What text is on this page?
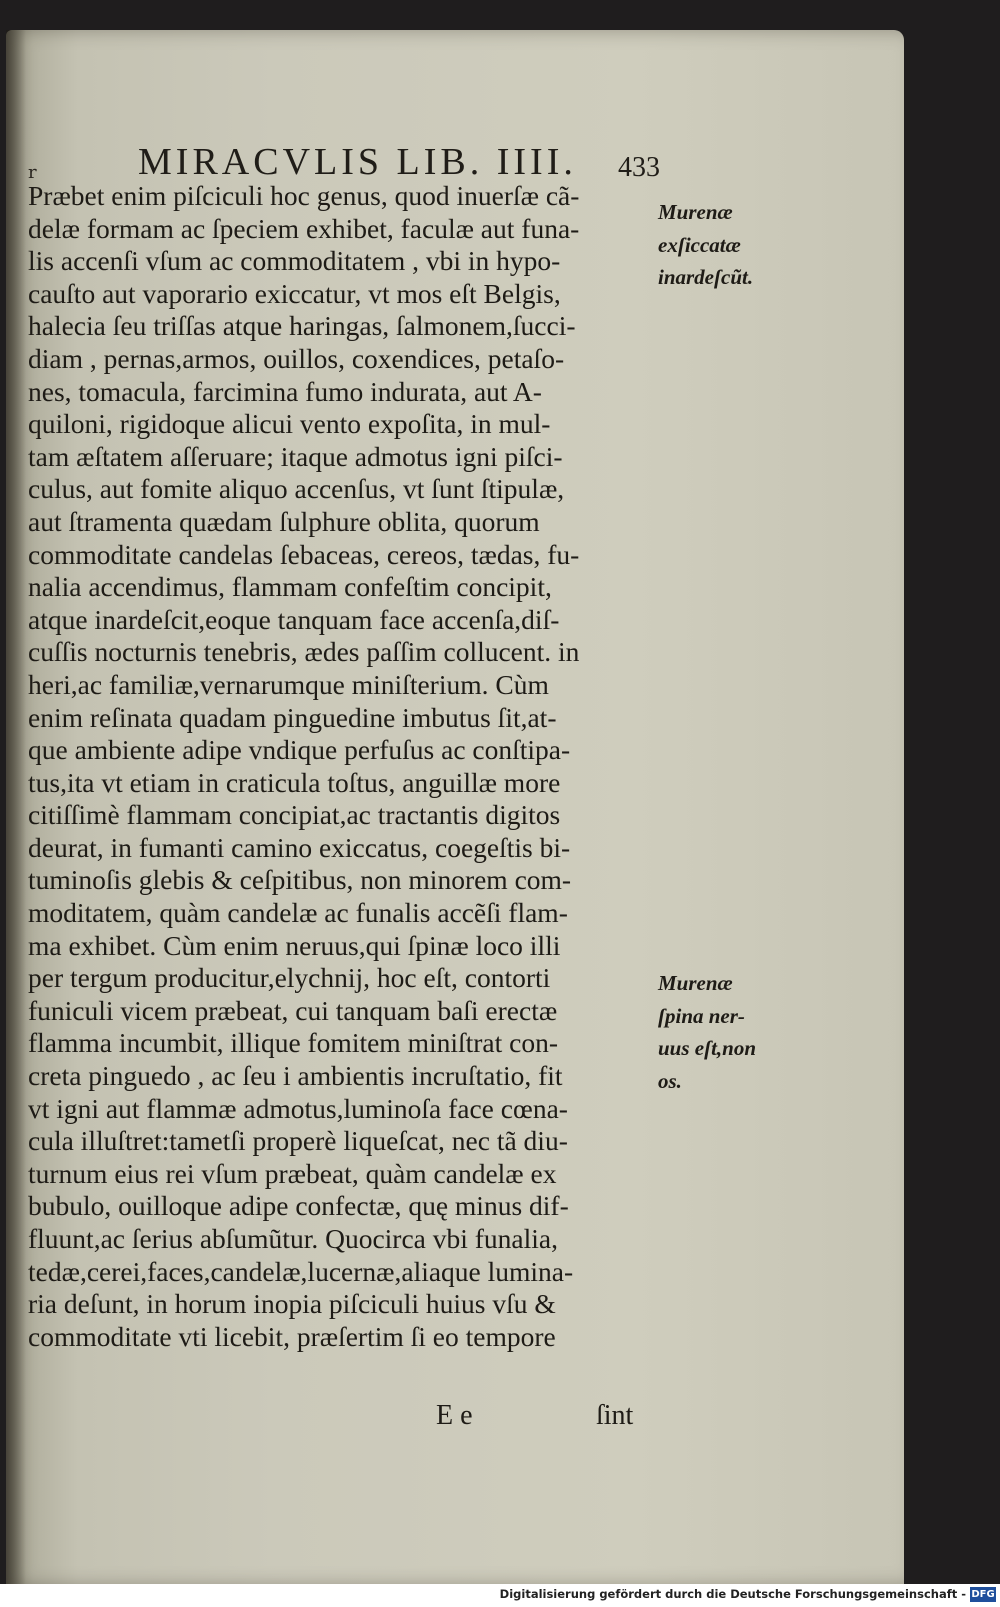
r	MIRACVLIS LIB. IIII. 433
Præbet enim piſciculi hoc genus, quod inuerſæ cã-
delæ formam ac ſpeciem exhibet, faculæ aut funa-
lis accenſi vſum ac commoditatem , vbi in hypo-
cauſto aut vaporario exiccatur, vt mos eſt Belgis,
halecia ſeu triſſas atque haringas, ſalmonem,ſucci-
diam , pernas,armos, ouillos, coxendices, petaſo-
nes, tomacula, farcimina fumo indurata, aut A-
quiloni, rigidoque alicui vento expoſita, in mul-
tam æſtatem aſſeruare; itaque admotus igni piſci-
culus, aut fomite aliquo accenſus, vt ſunt ſtipulæ,
aut ſtramenta quædam ſulphure oblita, quorum
commoditate candelas ſebaceas, cereos, tædas, fu-
nalia accendimus, flammam confeſtim concipit,
atque inardeſcit,eoque tanquam face accenſa,diſ-
cuſſis nocturnis tenebris, ædes paſſim collucent. in
heri,ac familiæ,vernarumque miniſterium. Cùm
enim reſinata quadam pinguedine imbutus ſit,at-
que ambiente adipe vndique perfuſus ac conſtipa-
tus,ita vt etiam in craticula toſtus, anguillæ more
citiſſimè flammam concipiat,ac tractantis digitos
deurat, in fumanti camino exiccatus, coegeſtis bi-
tuminoſis glebis & ceſpitibus, non minorem com-
moditatem, quàm candelæ ac funalis accẽſi flam-
ma exhibet. Cùm enim neruus,qui ſpinæ loco illi
per tergum producitur,elychnij, hoc eſt, contorti
funiculi vicem præbeat, cui tanquam baſi erectæ
flamma incumbit, illique fomitem miniſtrat con-
creta pinguedo , ac ſeu i ambientis incruſtatio, fit
vt igni aut flammæ admotus,luminoſa face cœna-
cula illuſtret:tametſi properè liqueſcat, nec tã diu-
turnum eius rei vſum præbeat, quàm candelæ ex
bubulo, ouilloque adipe confectæ, quę minus dif-
fluunt,ac ſerius abſumũtur. Quocirca vbi funalia,
tedæ,cerei,faces,candelæ,lucernæ,aliaque lumina-
ria deſunt, in horum inopia piſciculi huius vſu &
commoditate vti licebit, præſertim ſi eo tempore
E e	ſint
Murenæ
exſiccatæ
inardeſcũt.
Murenæ
ſpina ner-
uus eſt,non
os.
Digitalisierung gefördert durch die Deutsche Forschungsgemeinschaft - DFG
